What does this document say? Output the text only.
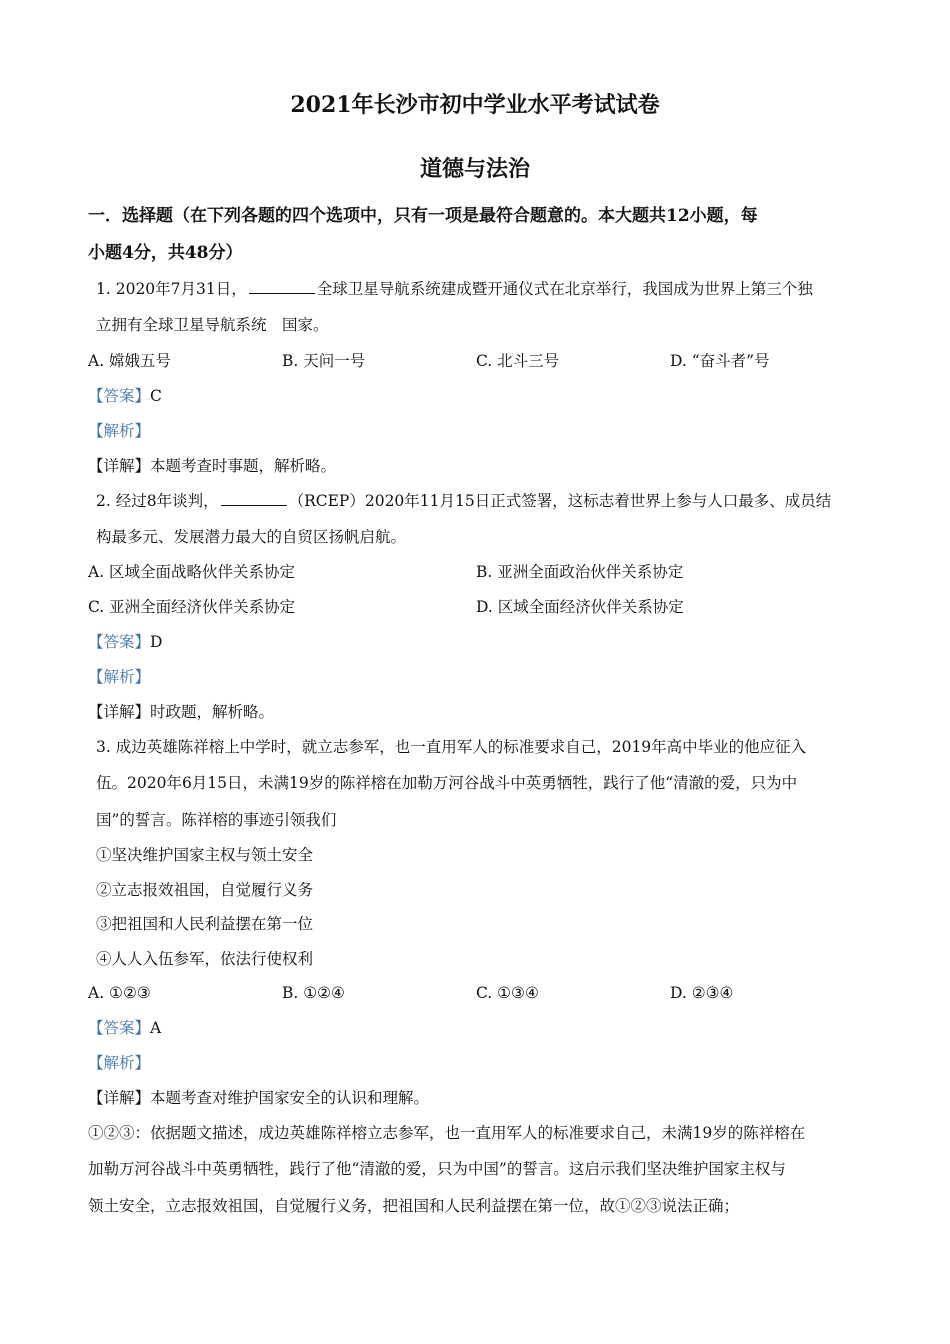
2021年长沙市初中学业水平考试试卷
道德与法治
一．选择题（在下列各题的四个选项中，只有一项是最符合题意的。本大题共12小题，每
小题4分，共48分）
1. 2020年7月31日，	全球卫星导航系统建成暨开通仪式在北京举行，我国成为世界上第三个独
立拥有全球卫星导航系统　国家。
A. 嫦娥五号	B. 天问一号	C. 北斗三号	D. “奋斗者”号
【答案】C
【解析】
【详解】本题考查时事题，解析略。
2. 经过8年谈判，	（RCEP）2020年11月15日正式签署，这标志着世界上参与人口最多、成员结
构最多元、发展潜力最大的自贸区扬帆启航。
A. 区域全面战略伙伴关系协定	B. 亚洲全面政治伙伴关系协定
C. 亚洲全面经济伙伴关系协定	D. 区域全面经济伙伴关系协定
【答案】D
【解析】
【详解】时政题，解析略。
3. 成边英雄陈祥榕上中学时，就立志参军，也一直用军人的标准要求自己，2019年高中毕业的他应征入
伍。2020年6月15日，未满19岁的陈祥榕在加勒万河谷战斗中英勇牺牲，践行了他“清澈的爱，只为中
国”的誓言。陈祥榕的事迹引领我们
①坚决维护国家主权与领土安全
②立志报效祖国，自觉履行义务
③把祖国和人民利益摆在第一位
④人人入伍参军，依法行使权利
A. ①②③	B. ①②④	C. ①③④	D. ②③④
【答案】A
【解析】
【详解】本题考查对维护国家安全的认识和理解。
①②③：依据题文描述，成边英雄陈祥榕立志参军，也一直用军人的标准要求自己，未满19岁的陈祥榕在
加勒万河谷战斗中英勇牺牲，践行了他“清澈的爱，只为中国”的誓言。这启示我们坚决维护国家主权与
领土安全，立志报效祖国，自觉履行义务，把祖国和人民利益摆在第一位，故①②③说法正确；
